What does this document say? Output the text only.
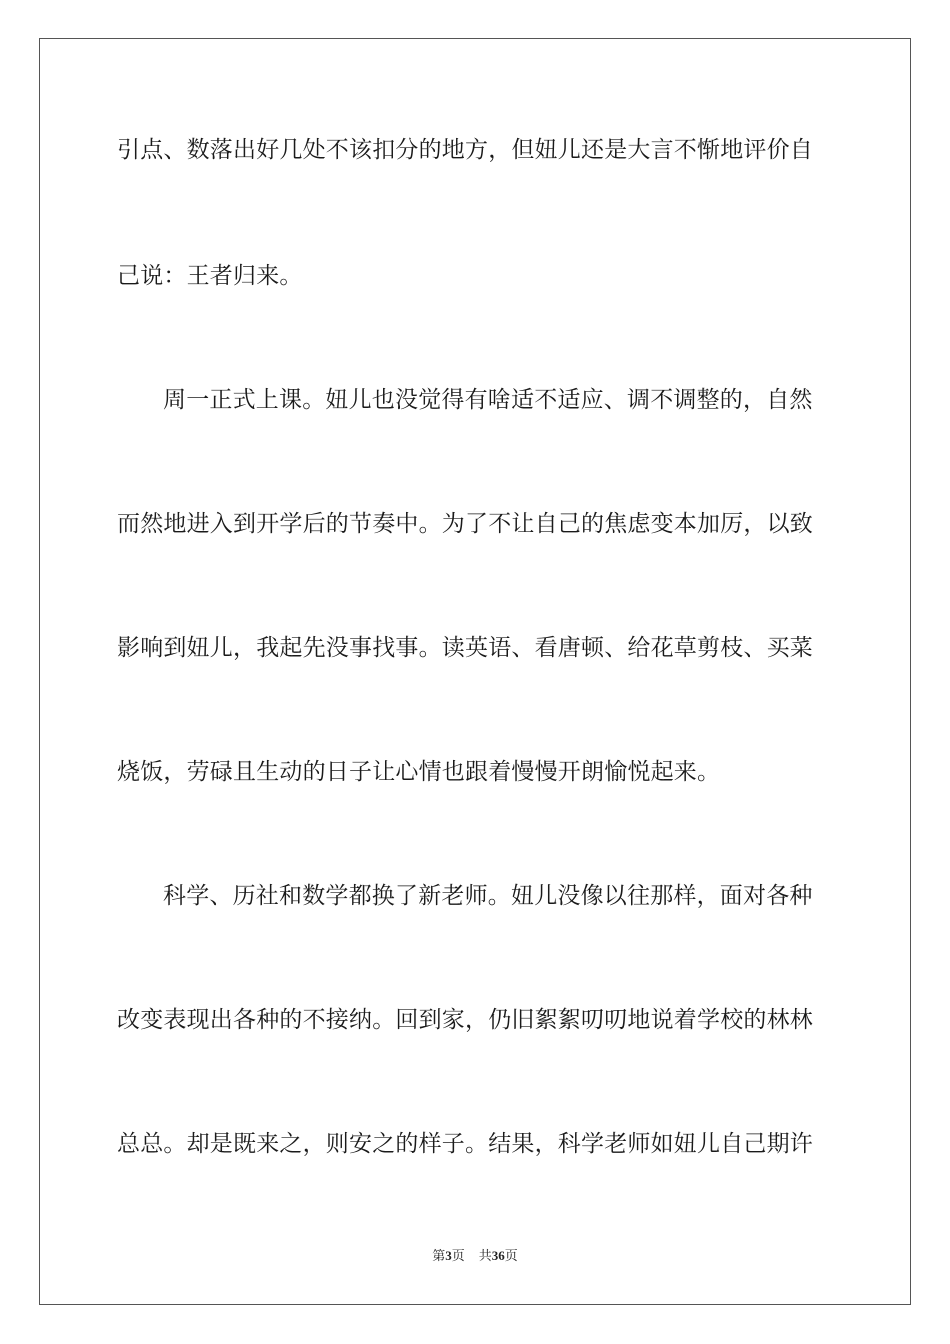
引点、数落出好几处不该扣分的地方，但妞儿还是大言不惭地评价自
己说：王者归来。
周一正式上课。妞儿也没觉得有啥适不适应、调不调整的，自然
而然地进入到开学后的节奏中。为了不让自己的焦虑变本加厉，以致
影响到妞儿，我起先没事找事。读英语、看唐顿、给花草剪枝、买菜
烧饭，劳碌且生动的日子让心情也跟着慢慢开朗愉悦起来。
科学、历社和数学都换了新老师。妞儿没像以往那样，面对各种
改变表现出各种的不接纳。回到家，仍旧絮絮叨叨地说着学校的林林
总总。却是既来之，则安之的样子。结果，科学老师如妞儿自己期许
第3页 共36页
